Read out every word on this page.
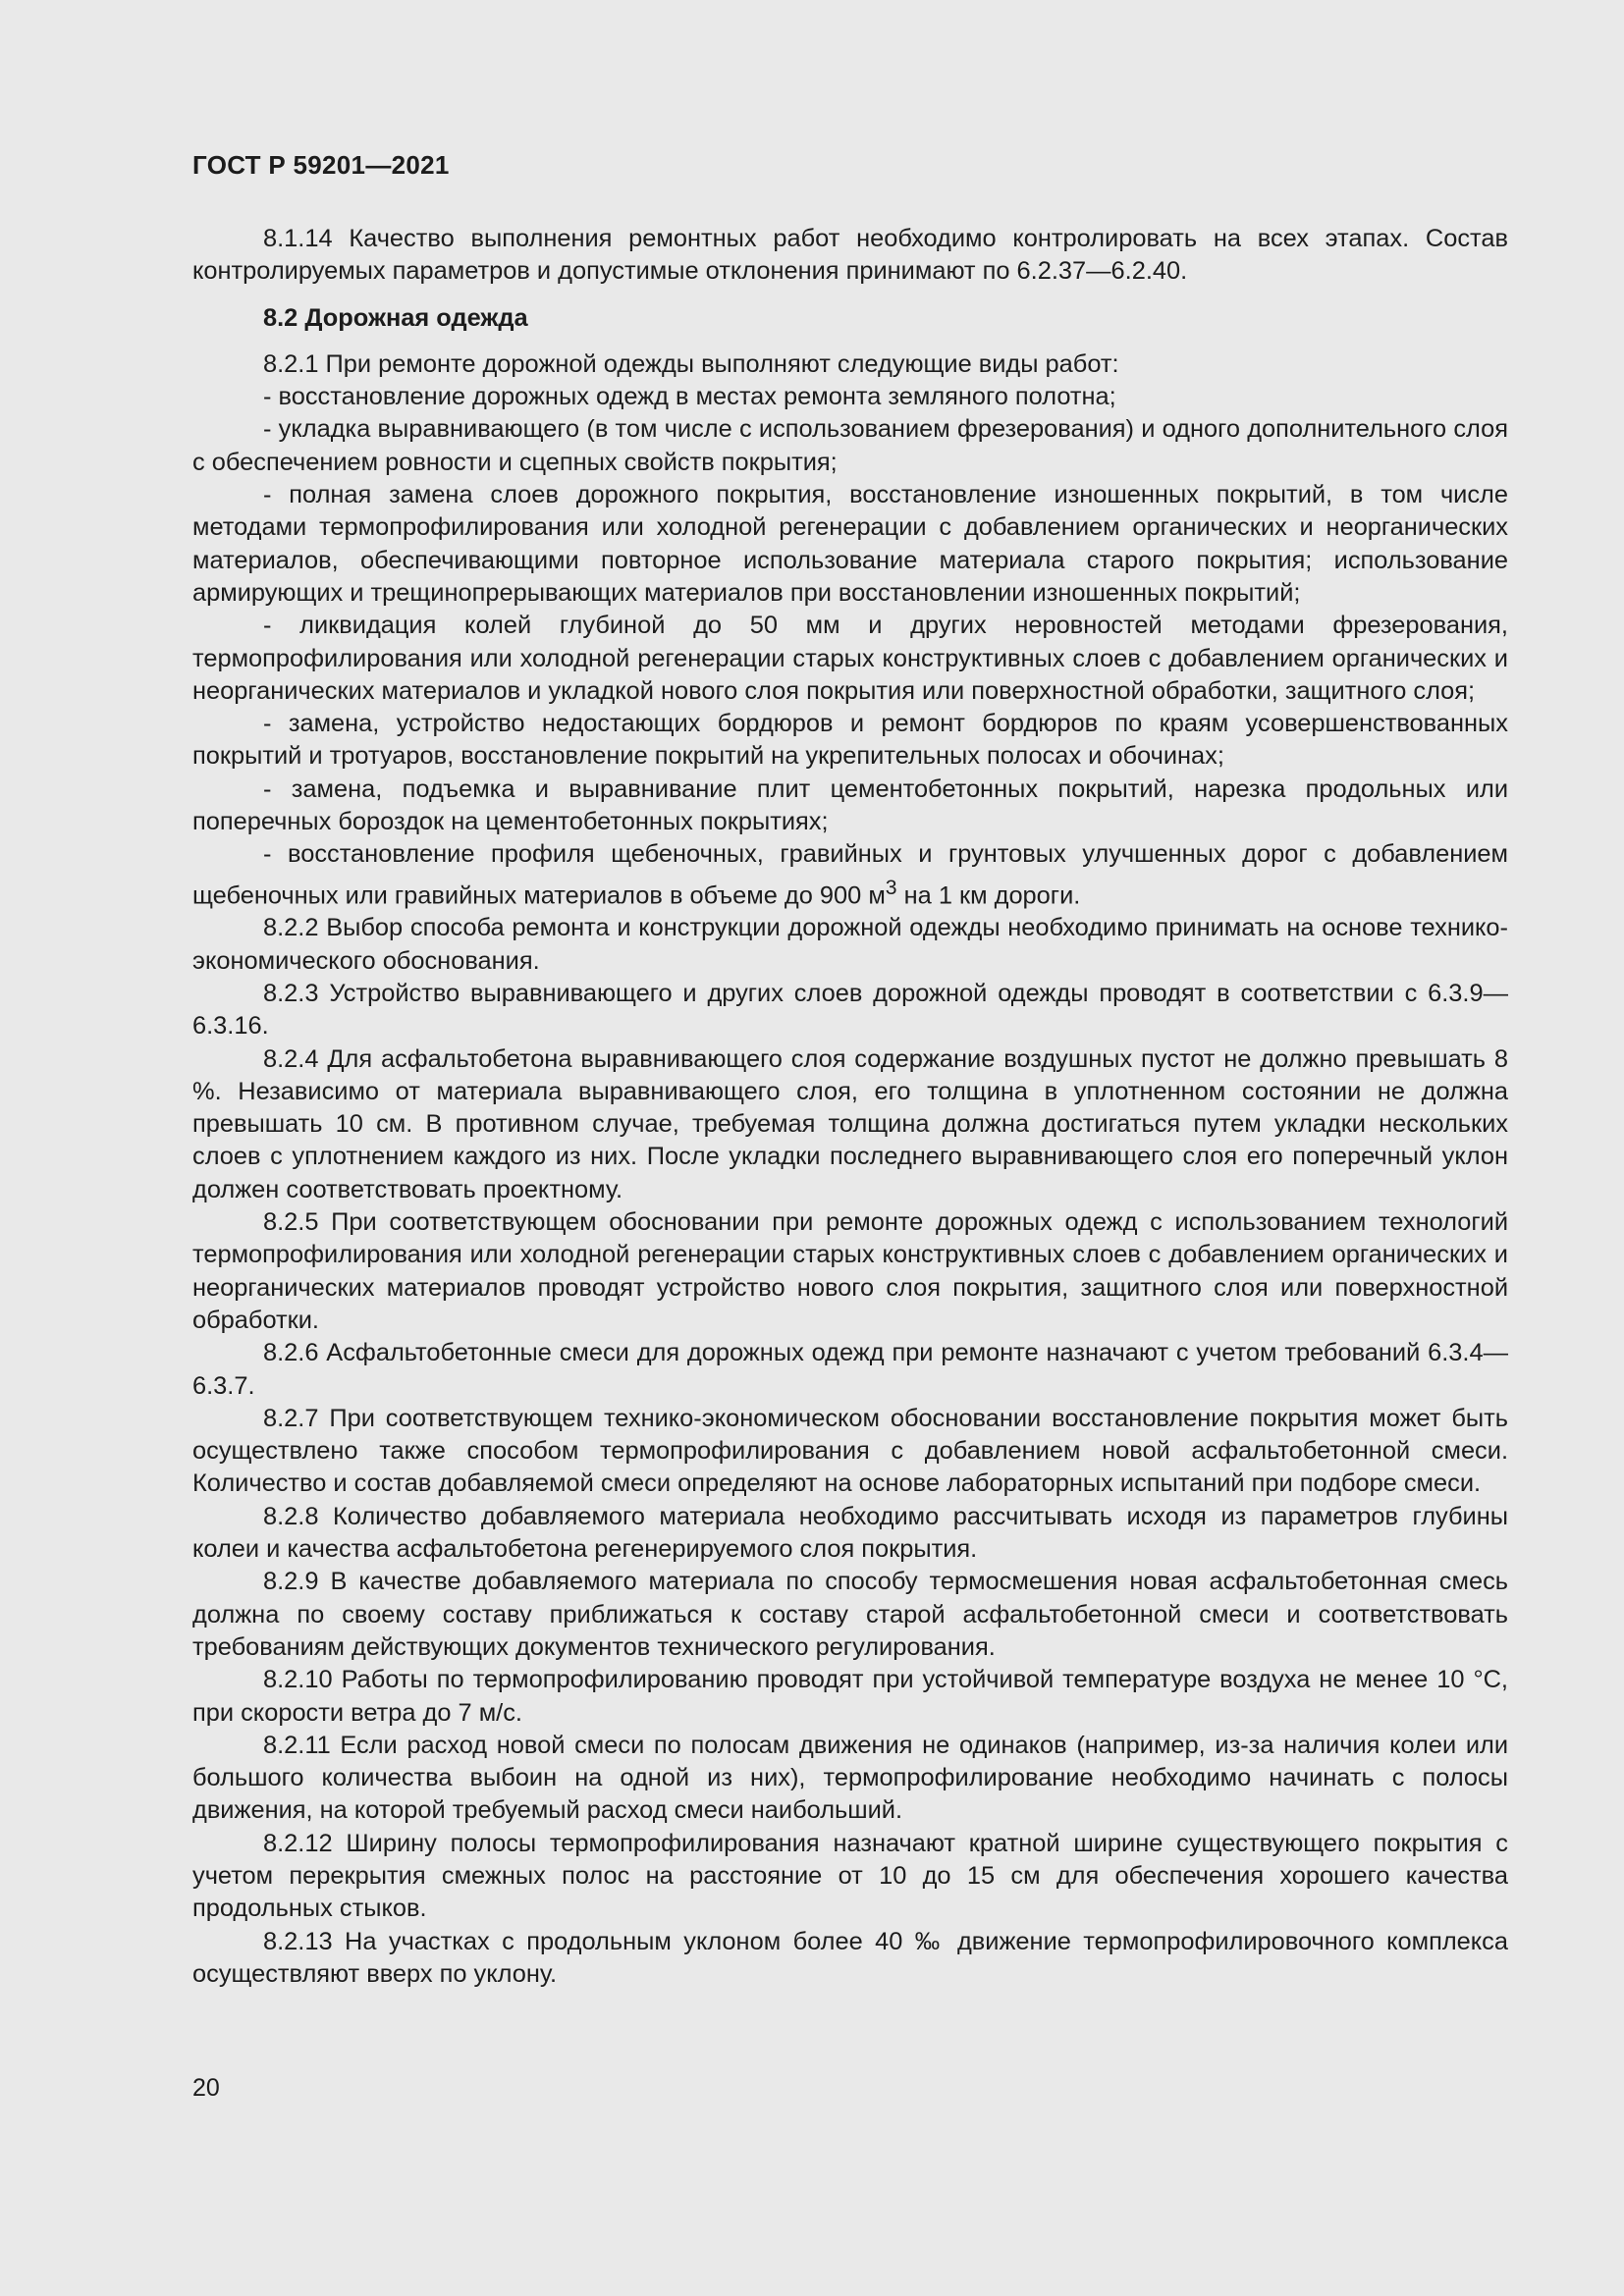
ГОСТ Р 59201—2021

8.1.14 Качество выполнения ремонтных работ необходимо контролировать на всех этапах. Состав контролируемых параметров и допустимые отклонения принимают по 6.2.37—6.2.40.

8.2 Дорожная одежда

8.2.1 При ремонте дорожной одежды выполняют следующие виды работ:

- восстановление дорожных одежд в местах ремонта земляного полотна;

- укладка выравнивающего (в том числе с использованием фрезерования) и одного дополнительного слоя с обеспечением ровности и сцепных свойств покрытия;

- полная замена слоев дорожного покрытия, восстановление изношенных покрытий, в том числе методами термопрофилирования или холодной регенерации с добавлением органических и неорганических материалов, обеспечивающими повторное использование материала старого покрытия; использование армирующих и трещинопрерывающих материалов при восстановлении изношенных покрытий;

- ликвидация колей глубиной до 50 мм и других неровностей методами фрезерования, термопрофилирования или холодной регенерации старых конструктивных слоев с добавлением органических и неорганических материалов и укладкой нового слоя покрытия или поверхностной обработки, защитного слоя;

- замена, устройство недостающих бордюров и ремонт бордюров по краям усовершенствованных покрытий и тротуаров, восстановление покрытий на укрепительных полосах и обочинах;

- замена, подъемка и выравнивание плит цементобетонных покрытий, нарезка продольных или поперечных бороздок на цементобетонных покрытиях;

- восстановление профиля щебеночных, гравийных и грунтовых улучшенных дорог с добавлением щебеночных или гравийных материалов в объеме до 900 $м^3$ на 1 км дороги.

8.2.2 Выбор способа ремонта и конструкции дорожной одежды необходимо принимать на основе технико-экономического обоснования.

8.2.3 Устройство выравнивающего и других слоев дорожной одежды проводят в соответствии с 6.3.9—6.3.16.

8.2.4 Для асфальтобетона выравнивающего слоя содержание воздушных пустот не должно превышать 8 %. Независимо от материала выравнивающего слоя, его толщина в уплотненном состоянии не должна превышать 10 см. В противном случае, требуемая толщина должна достигаться путем укладки нескольких слоев с уплотнением каждого из них. После укладки последнего выравнивающего слоя его поперечный уклон должен соответствовать проектному.

8.2.5 При соответствующем обосновании при ремонте дорожных одежд с использованием технологий термопрофилирования или холодной регенерации старых конструктивных слоев с добавлением органических и неорганических материалов проводят устройство нового слоя покрытия, защитного слоя или поверхностной обработки.

8.2.6 Асфальтобетонные смеси для дорожных одежд при ремонте назначают с учетом требований 6.3.4—6.3.7.

8.2.7 При соответствующем технико-экономическом обосновании восстановление покрытия может быть осуществлено также способом термопрофилирования с добавлением новой асфальтобетонной смеси. Количество и состав добавляемой смеси определяют на основе лабораторных испытаний при подборе смеси.

8.2.8 Количество добавляемого материала необходимо рассчитывать исходя из параметров глубины колеи и качества асфальтобетона регенерируемого слоя покрытия.

8.2.9 В качестве добавляемого материала по способу термосмешения новая асфальтобетонная смесь должна по своему составу приближаться к составу старой асфальтобетонной смеси и соответствовать требованиям действующих документов технического регулирования.

8.2.10 Работы по термопрофилированию проводят при устойчивой температуре воздуха не менее 10 °С, при скорости ветра до 7 м/с.

8.2.11 Если расход новой смеси по полосам движения не одинаков (например, из-за наличия колеи или большого количества выбоин на одной из них), термопрофилирование необходимо начинать с полосы движения, на которой требуемый расход смеси наибольший.

8.2.12 Ширину полосы термопрофилирования назначают кратной ширине существующего покрытия с учетом перекрытия смежных полос на расстояние от 10 до 15 см для обеспечения хорошего качества продольных стыков.

8.2.13 На участках с продольным уклоном более 40 ‰ движение термопрофилировочного комплекса осуществляют вверх по уклону.

20
